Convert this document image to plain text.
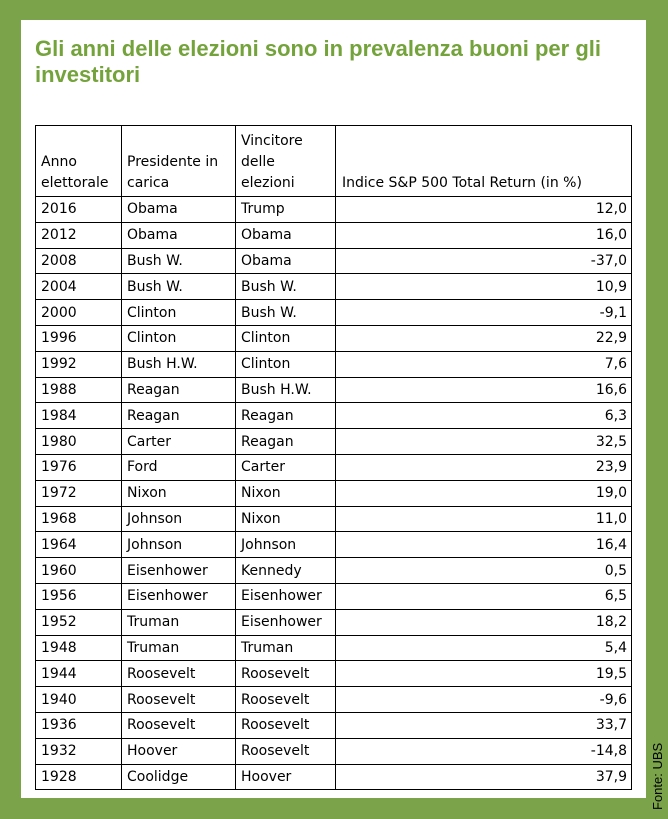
Gli anni delle elezioni sono in prevalenza buoni per gli investitori
Anno elettorale	Presidente in carica	Vincitore delle elezioni	Indice S&P 500 Total Return (in %)
2016	Obama	Trump	12,0
2012	Obama	Obama	16,0
2008	Bush W.	Obama	-37,0
2004	Bush W.	Bush W.	10,9
2000	Clinton	Bush W.	-9,1
1996	Clinton	Clinton	22,9
1992	Bush H.W.	Clinton	7,6
1988	Reagan	Bush H.W.	16,6
1984	Reagan	Reagan	6,3
1980	Carter	Reagan	32,5
1976	Ford	Carter	23,9
1972	Nixon	Nixon	19,0
1968	Johnson	Nixon	11,0
1964	Johnson	Johnson	16,4
1960	Eisenhower	Kennedy	0,5
1956	Eisenhower	Eisenhower	6,5
1952	Truman	Eisenhower	18,2
1948	Truman	Truman	5,4
1944	Roosevelt	Roosevelt	19,5
1940	Roosevelt	Roosevelt	-9,6
1936	Roosevelt	Roosevelt	33,7
1932	Hoover	Roosevelt	-14,8
1928	Coolidge	Hoover	37,9 Fonte: UBS
